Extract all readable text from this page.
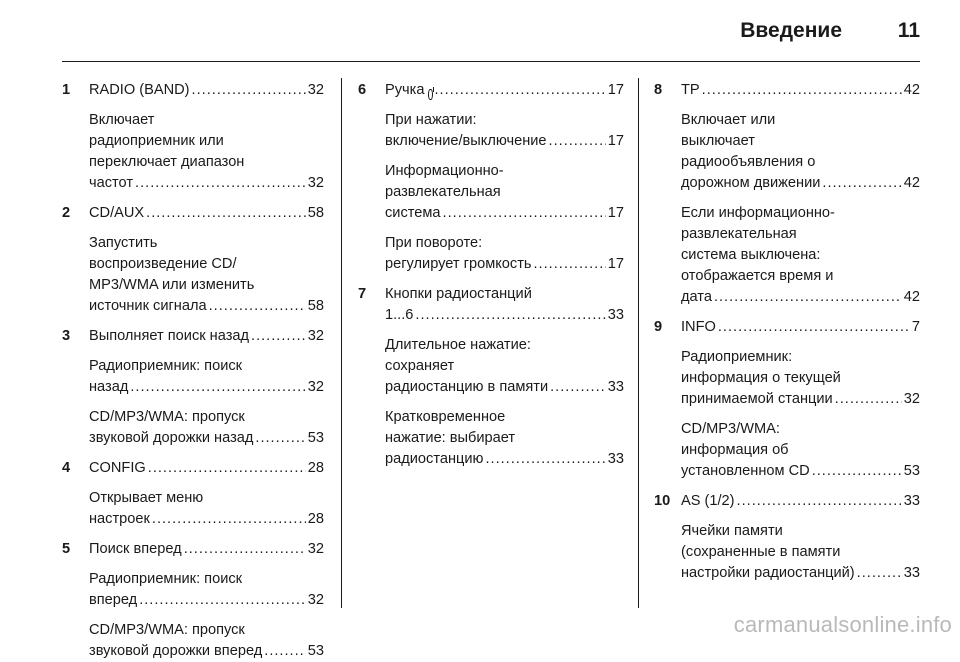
Введение	11
1 RADIO (BAND) .....	32
Включает
радиоприемник или
переключает диапазон
частот .....	32
2 CD/AUX .....	58
Запустить
воспроизведение CD/
MP3/WMA или изменить
источник сигнала .....	58
3 Выполняет поиск назад .....	32
Радиоприемник: поиск
назад .....	32
CD/MP3/WMA: пропуск
звуковой дорожки назад .....	53
4 CONFIG .....	28
Открывает меню
настроек .....	28
5 Поиск вперед .....	32
Радиоприемник: поиск
вперед .....	32
CD/MP3/WMA: пропуск
звуковой дорожки вперед .....	53
6 Ручка .....	17
При нажатии:
включение/выключение .....	17
Информационно-
развлекательная
система .....	17
При повороте:
регулирует громкость .....	17
7 Кнопки радиостанций
1...6 .....	33
Длительное нажатие:
сохраняет
радиостанцию в памяти .....	33
Кратковременное
нажатие: выбирает
радиостанцию .....	33
8 TP .....	42
Включает или
выключает
радиообъявления о
дорожном движении .....	42
Если информационно-
развлекательная
система выключена:
отображается время и
дата .....	42
9 INFO .....	7
Радиоприемник:
информация о текущей
принимаемой станции .....	32
CD/MP3/WMA:
информация об
установленном CD .....	53
10 AS (1/2) .....	33
Ячейки памяти
(сохраненные в памяти
настройки радиостанций) .....	33
carmanualsonline.info
